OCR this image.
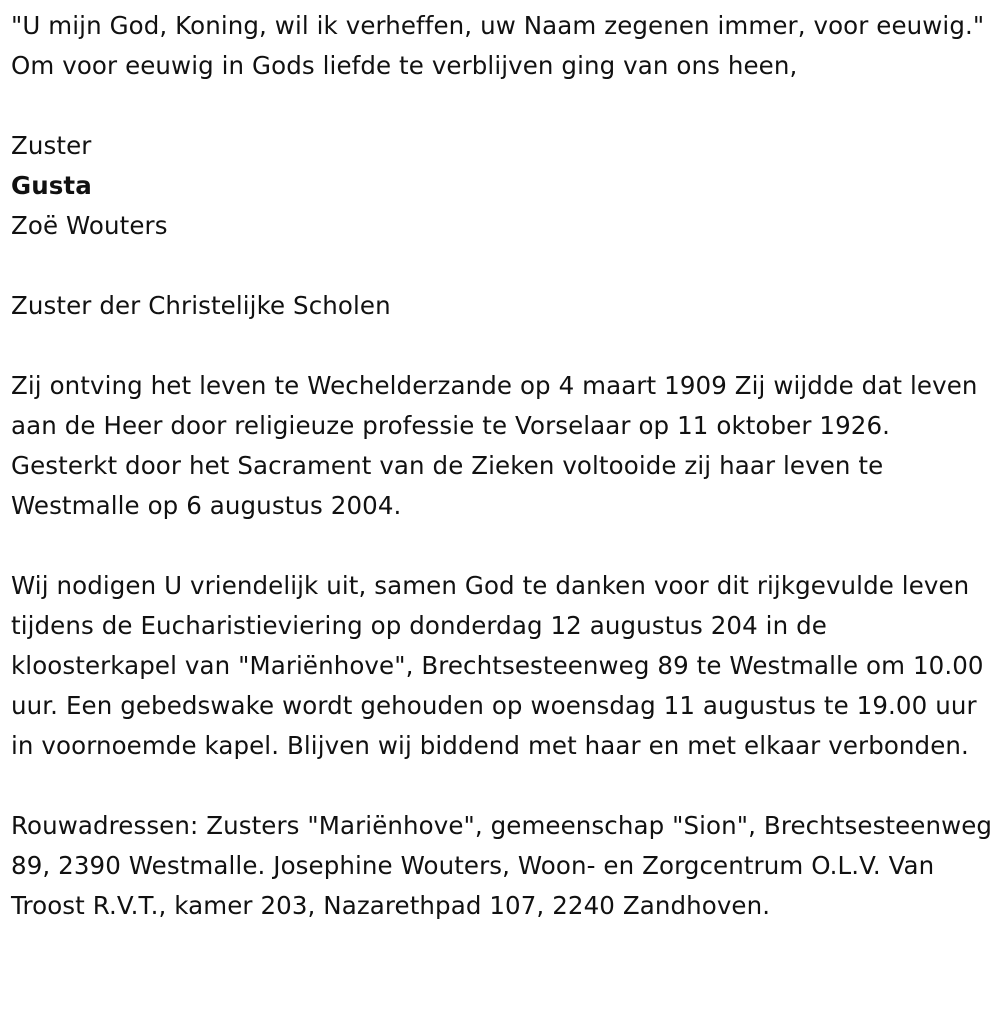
"U mijn God, Koning, wil ik verheffen, uw Naam zegenen immer, voor eeuwig." Om voor eeuwig in Gods liefde te verblijven ging van ons heen,

Zuster

Gusta

Zoë Wouters

Zuster der Christelijke Scholen

Zij ontving het leven te Wechelderzande op 4 maart 1909 Zij wijdde dat leven aan de Heer door religieuze professie te Vorselaar op 11 oktober 1926. Gesterkt door het Sacrament van de Zieken voltooide zij haar leven te Westmalle op 6 augustus 2004.

Wij nodigen U vriendelijk uit, samen God te danken voor dit rijkgevulde leven tijdens de Eucharistieviering op donderdag 12 augustus 204 in de kloosterkapel van "Mariënhove", Brechtsesteenweg 89 te Westmalle om 10.00 uur. Een gebedswake wordt gehouden op woensdag 11 augustus te 19.00 uur in voornoemde kapel. Blijven wij biddend met haar en met elkaar verbonden.

Rouwadressen: Zusters "Mariënhove", gemeenschap "Sion", Brechtsesteenweg 89, 2390 Westmalle. Josephine Wouters, Woon- en Zorgcentrum O.L.V. Van Troost R.V.T., kamer 203, Nazarethpad 107, 2240 Zandhoven.
